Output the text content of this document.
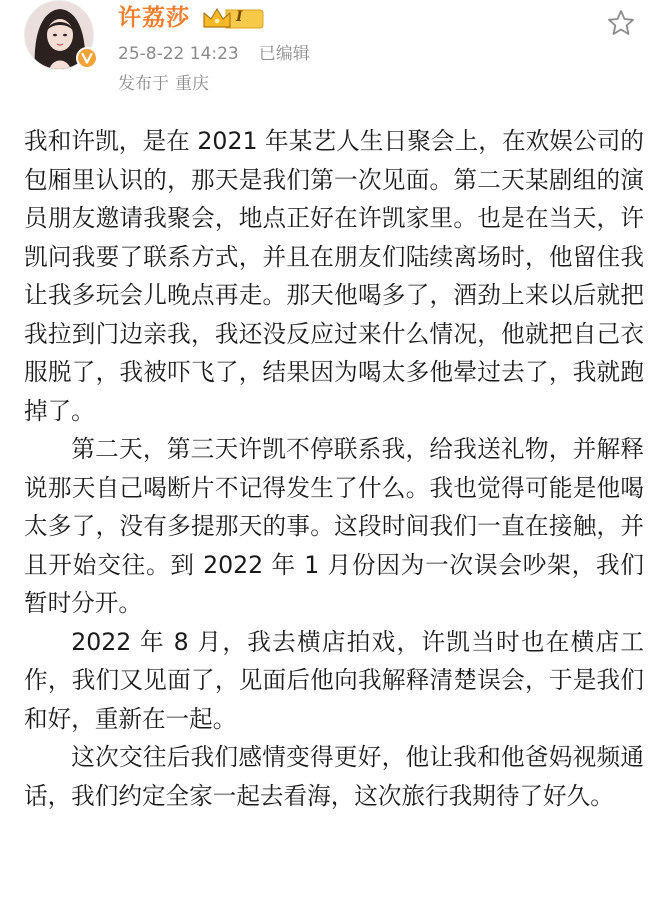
许荔莎	I
25-8-22 14:23 已编辑
发布于 重庆

我和许凯，是在 2021 年某艺人生日聚会上，在欢娱公司的包厢里认识的，那天是我们第一次见面。第二天某剧组的演员朋友邀请我聚会，地点正好在许凯家里。也是在当天，许凯问我要了联系方式，并且在朋友们陆续离场时，他留住我让我多玩会儿晚点再走。那天他喝多了，酒劲上来以后就把我拉到门边亲我，我还没反应过来什么情况，他就把自己衣服脱了，我被吓飞了，结果因为喝太多他晕过去了，我就跑掉了。

第二天，第三天许凯不停联系我，给我送礼物，并解释说那天自己喝断片不记得发生了什么。我也觉得可能是他喝太多了，没有多提那天的事。这段时间我们一直在接触，并且开始交往。到 2022 年 1 月份因为一次误会吵架，我们暂时分开。

2022 年 8 月，我去横店拍戏，许凯当时也在横店工作，我们又见面了，见面后他向我解释清楚误会，于是我们和好，重新在一起。

这次交往后我们感情变得更好，他让我和他爸妈视频通话，我们约定全家一起去看海，这次旅行我期待了好久。
